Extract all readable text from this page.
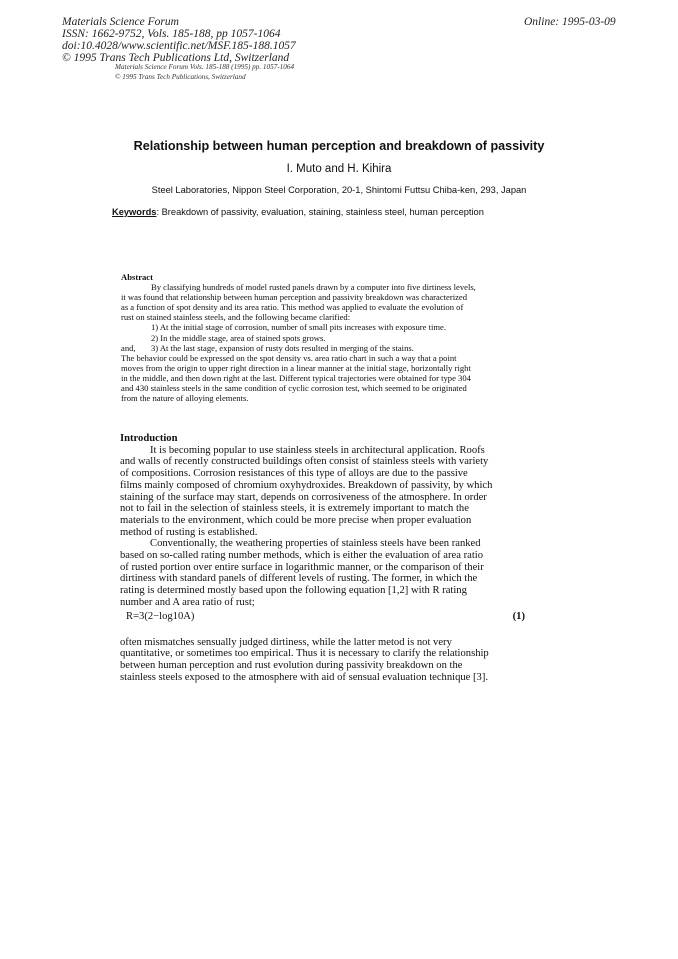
Materials Science Forum
ISSN: 1662-9752, Vols. 185-188, pp 1057-1064
doi:10.4028/www.scientific.net/MSF.185-188.1057
© 1995 Trans Tech Publications Ltd, Switzerland
Online: 1995-03-09
Materials Science Forum Vols. 185-188 (1995) pp. 1057-1064
© 1995 Trans Tech Publications, Switzerland
Relationship between human perception and breakdown of passivity
I. Muto and H. Kihira
Steel Laboratories, Nippon Steel Corporation, 20-1, Shintomi Futtsu Chiba-ken, 293, Japan
Keywords: Breakdown of passivity, evaluation, staining, stainless steel, human perception
Abstract
By classifying hundreds of model rusted panels drawn by a computer into five dirtiness levels,
it was found that relationship between human perception and passivity breakdown was characterized
as a function of spot density and its area ratio. This method was applied to evaluate the evolution of
rust on stained stainless steels, and the following became clarified:
1) At the initial stage of corrosion, number of small pits increases with exposure time.
2) In the middle stage, area of stained spots grows.
and, 3) At the last stage, expansion of rusty dots resulted in merging of the stains.
The behavior could be expressed on the spot density vs. area ratio chart in such a way that a point
moves from the origin to upper right direction in a linear manner at the initial stage, horizontally right
in the middle, and then down right at the last. Different typical trajectories were obtained for type 304
and 430 stainless steels in the same condition of cyclic corrosion test, which seemed to be originated
from the nature of alloying elements.
Introduction
It is becoming popular to use stainless steels in architectural application. Roofs
and walls of recently constructed buildings often consist of stainless steels with variety
of compositions. Corrosion resistances of this type of alloys are due to the passive
films mainly composed of chromium oxyhydroxides. Breakdown of passivity, by which
staining of the surface may start, depends on corrosiveness of the atmosphere. In order
not to fail in the selection of stainless steels, it is extremely important to match the
materials to the environment, which could be more precise when proper evaluation
method of rusting is established.
Conventionally, the weathering properties of stainless steels have been ranked
based on so-called rating number methods, which is either the evaluation of area ratio
of rusted portion over entire surface in logarithmic manner, or the comparison of their
dirtiness with standard panels of different levels of rusting. The former, in which the
rating is determined mostly based upon the following equation [1,2] with R rating
number and A area ratio of rust;
R=3(2−log10A)	(1)
often mismatches sensually judged dirtiness, while the latter metod is not very
quantitative, or sometimes too empirical. Thus it is necessary to clarify the relationship
between human perception and rust evolution during passivity breakdown on the
stainless steels exposed to the atmosphere with aid of sensual evaluation technique [3].
